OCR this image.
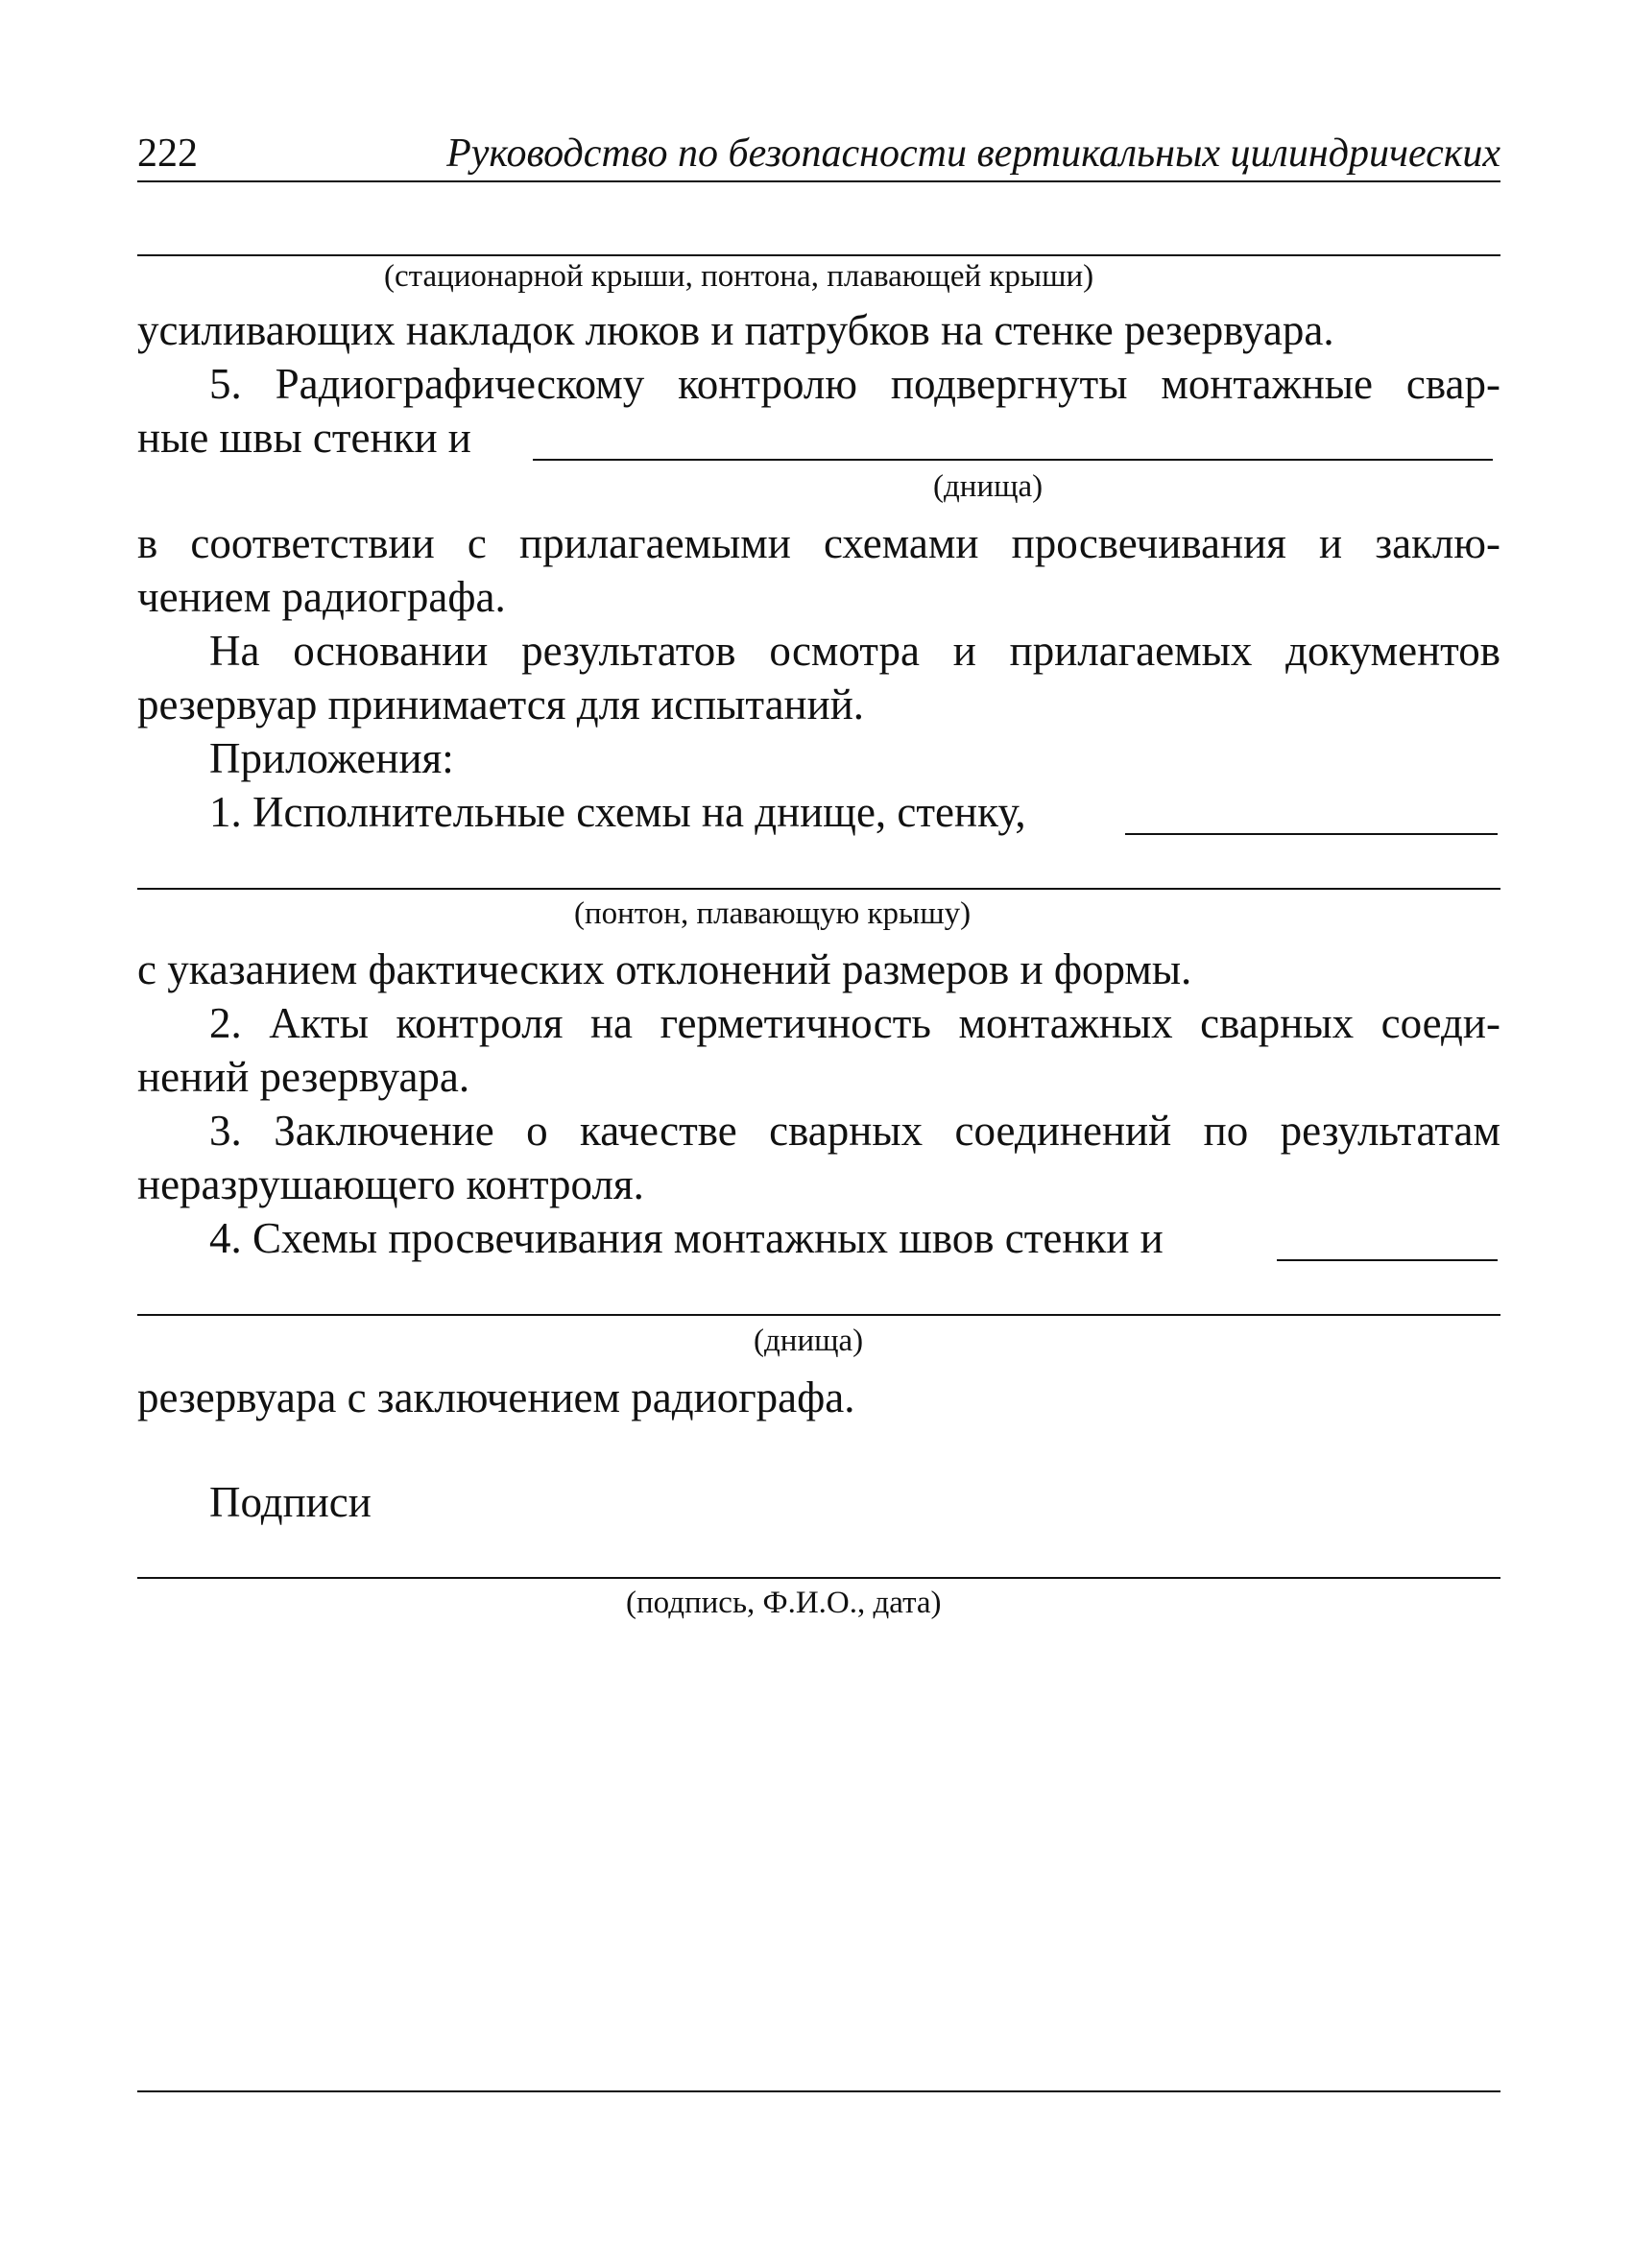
222	Руководство по безопасности вертикальных цилиндрических
(стационарной крыши, понтона, плавающей крыши)
усиливающих накладок люков и патрубков на стенке резервуара.
5. Радиографическому контролю подвергнуты монтажные свар-
ные швы стенки и
(днища)
в соответствии с прилагаемыми схемами просвечивания и заклю-
чением радиографа.
На основании результатов осмотра и прилагаемых документов
резервуар принимается для испытаний.
Приложения:
1. Исполнительные схемы на днище, стенку,
(понтон, плавающую крышу)
с указанием фактических отклонений размеров и формы.
2. Акты контроля на герметичность монтажных сварных соеди-
нений резервуара.
3. Заключение о качестве сварных соединений по результатам
неразрушающего контроля.
4. Схемы просвечивания монтажных швов стенки и
(днища)
резервуара с заключением радиографа.
Подписи
(подпись, Ф.И.О., дата)
